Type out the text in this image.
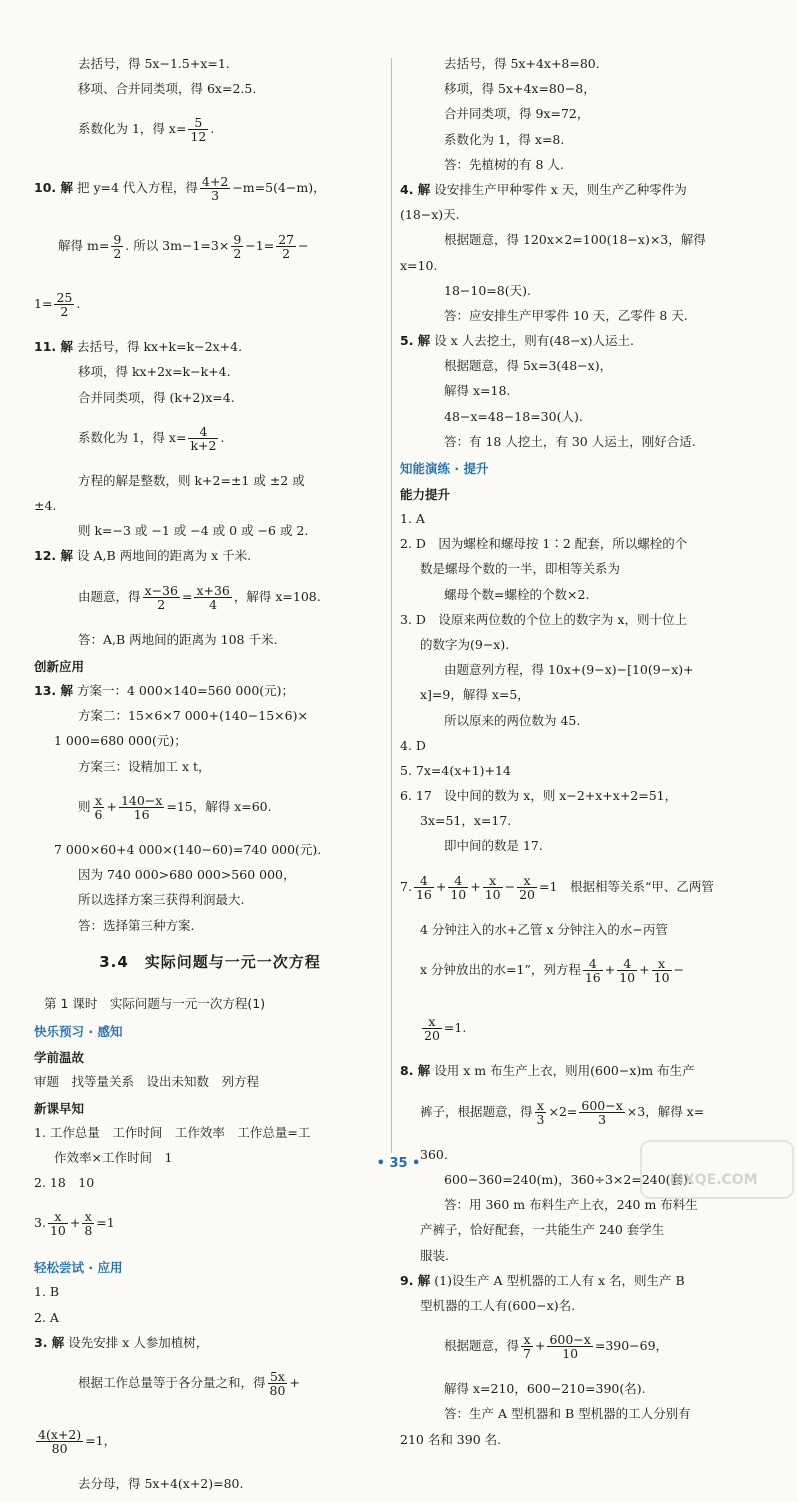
去括号，得 5x−1.5+x=1.
移项、合并同类项，得 6x=2.5.
系数化为 1，得 $x= \frac{5}{12}$ .
10. 解 把 y=4 代入方程，得 $\frac{4+2}{3} -m=5(4-m)$，
解得 $m= \frac{9}{2}$ . 所以 $3m-1=3\times \frac{9}{2} -1= \frac{27}{2}$ −
$1= \frac{25}{2}$ .
11. 解 去括号，得 kx+k=k−2x+4.
移项，得 kx+2x=k−k+4.
合并同类项，得 (k+2)x=4.
系数化为 1，得 $x= \frac{4}{k+2}$ .
方程的解是整数，则 k+2=±1 或 ±2 或
±4.
则 k=−3 或 −1 或 −4 或 0 或 −6 或 2.
12. 解 设 A,B 两地间的距离为 x 千米.
由题意，得 $\frac{x-36}{2} = \frac{x+36}{4}$ ，解得 x=108.
答：A,B 两地间的距离为 108 千米.
创新应用
13. 解 方案一：4 000×140=560 000(元)；
方案二：15×6×7 000+(140−15×6)×
1 000=680 000(元)；
方案三：设精加工 x t，
则 $\frac{x}{6} + \frac{140-x}{16} =15$，解得 x=60.
7 000×60+4 000×(140−60)=740 000(元).
因为 740 000>680 000>560 000，
所以选择方案三获得利润最大.
答：选择第三种方案.
3.4　实际问题与一元一次方程
第 1 课时　实际问题与一元一次方程(1)
快乐预习 · 感知
学前温故
审题　找等量关系　设出未知数　列方程
新课早知
1. 工作总量　工作时间　工作效率　工作总量=工
作效率×工作时间　1
2. 18　10
3. $\frac{x}{10} + \frac{x}{8} =1$
轻松尝试 · 应用
1. B
2. A
3. 解 设先安排 x 人参加植树，
根据工作总量等于各分量之和，得 $\frac{5x}{80}$ +
$\frac{4(x+2)}{80} =1$，
去分母，得 5x+4(x+2)=80.
去括号，得 5x+4x+8=80.
移项，得 5x+4x=80−8，
合并同类项，得 9x=72，
系数化为 1，得 x=8.
答：先植树的有 8 人.
4. 解 设安排生产甲种零件 x 天，则生产乙种零件为
(18−x)天.
根据题意，得 120x×2=100(18−x)×3，解得
x=10.
18−10=8(天).
答：应安排生产甲零件 10 天，乙零件 8 天.
5. 解 设 x 人去挖土，则有(48−x)人运土.
根据题意，得 5x=3(48−x)，
解得 x=18.
48−x=48−18=30(人).
答：有 18 人挖土，有 30 人运土，刚好合适.
知能演练 · 提升
能力提升
1. A
2. D　因为螺栓和螺母按 1∶2 配套，所以螺栓的个
数是螺母个数的一半，即相等关系为
螺母个数=螺栓的个数×2.
3. D　设原来两位数的个位上的数字为 x，则十位上
的数字为(9−x).
由题意列方程，得 10x+(9−x)−[10(9−x)+
x]=9，解得 x=5，
所以原来的两位数为 45.
4. D
5. 7x=4(x+1)+14
6. 17　设中间的数为 x，则 x−2+x+x+2=51，
3x=51，x=17.
即中间的数是 17.
7. $\frac{4}{16} + \frac{4}{10} + \frac{x}{10} - \frac{x}{20} =1$　 根据相等关系“甲、乙两管
4 分钟注入的水+乙管 x 分钟注入的水−丙管
x 分钟放出的水=1”，列方程 $\frac{4}{16} + \frac{4}{10} + \frac{x}{10}$ −
$\frac{x}{20} =1$.
8. 解 设用 x m 布生产上衣，则用(600−x)m 布生产
裤子，根据题意，得 $\frac{x}{3} \times 2= \frac{600-x}{3} \times 3$，解得 x=
360.
600−360=240(m)，360÷3×2=240(套).
答：用 360 m 布料生产上衣，240 m 布料生
产裤子，恰好配套，一共能生产 240 套学生
服装.
9. 解 (1)设生产 A 型机器的工人有 x 名，则生产 B
型机器的工人有(600−x)名.
根据题意，得 $\frac{x}{7} + \frac{600-x}{10} =390-69$，
解得 x=210，600−210=390(名).
答：生产 A 型机器和 B 型机器的工人分别有
210 名和 390 名.
• 35 •
MXQE.COM
